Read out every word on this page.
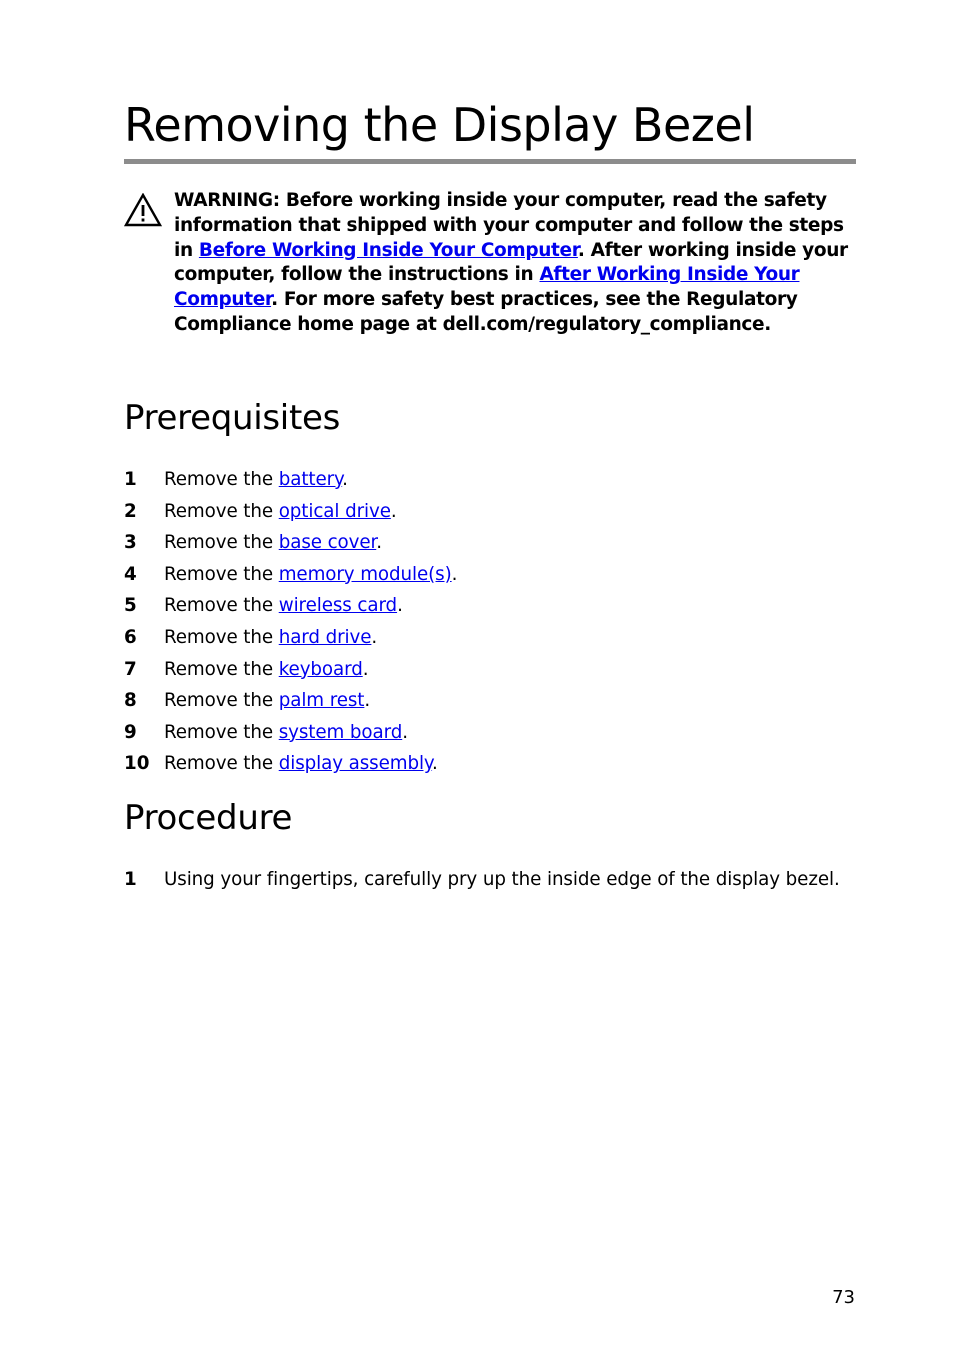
Removing the Display Bezel

WARNING: Before working inside your computer, read the safety information that shipped with your computer and follow the steps in Before Working Inside Your Computer. After working inside your computer, follow the instructions in After Working Inside Your Computer. For more safety best practices, see the Regulatory Compliance home page at dell.com/regulatory_compliance.

Prerequisites
1 Remove the battery.
2 Remove the optical drive.
3 Remove the base cover.
4 Remove the memory module(s).
5 Remove the wireless card.
6 Remove the hard drive.
7 Remove the keyboard.
8 Remove the palm rest.
9 Remove the system board.
10 Remove the display assembly.
Procedure
1 Using your fingertips, carefully pry up the inside edge of the display bezel.
73
